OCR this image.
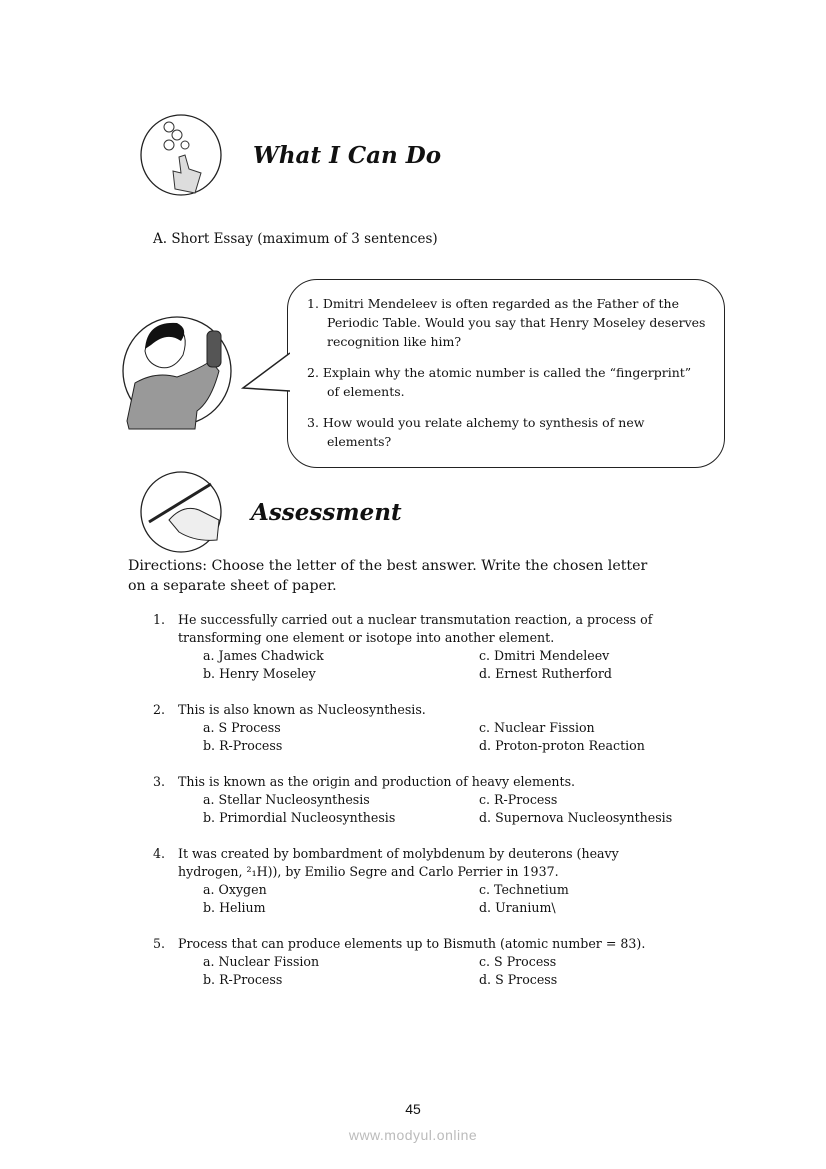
What I Can Do
A. Short Essay (maximum of 3 sentences)
1. Dmitri Mendeleev is often regarded as the Father of the Periodic Table. Would you say that Henry Moseley deserves recognition like him?
2. Explain why the atomic number is called the “fingerprint” of elements.
3. How would you relate alchemy to synthesis of new elements?
Assessment
Directions: Choose the letter of the best answer. Write the chosen letter
on a separate sheet of paper.
1.	He successfully carried out a nuclear transmutation reaction, a process of
transforming one element or isotope into another element.
a. James Chadwick	c. Dmitri Mendeleev
b. Henry Moseley	d. Ernest Rutherford
2.	This is also known as Nucleosynthesis.
a. S Process	c. Nuclear Fission
b. R-Process	d. Proton-proton Reaction
3.	This is known as the origin and production of heavy elements.
a. Stellar Nucleosynthesis	c. R-Process
b. Primordial Nucleosynthesis	d. Supernova Nucleosynthesis
4.	It was created by bombardment of molybdenum by deuterons (heavy
hydrogen, ²₁H)), by Emilio Segre and Carlo Perrier in 1937.
a. Oxygen	c. Technetium
b. Helium	d. Uranium\
5.	Process that can produce elements up to Bismuth (atomic number = 83).
a. Nuclear Fission	c. S Process
b. R-Process	d. S Process
45
www.modyul.online
